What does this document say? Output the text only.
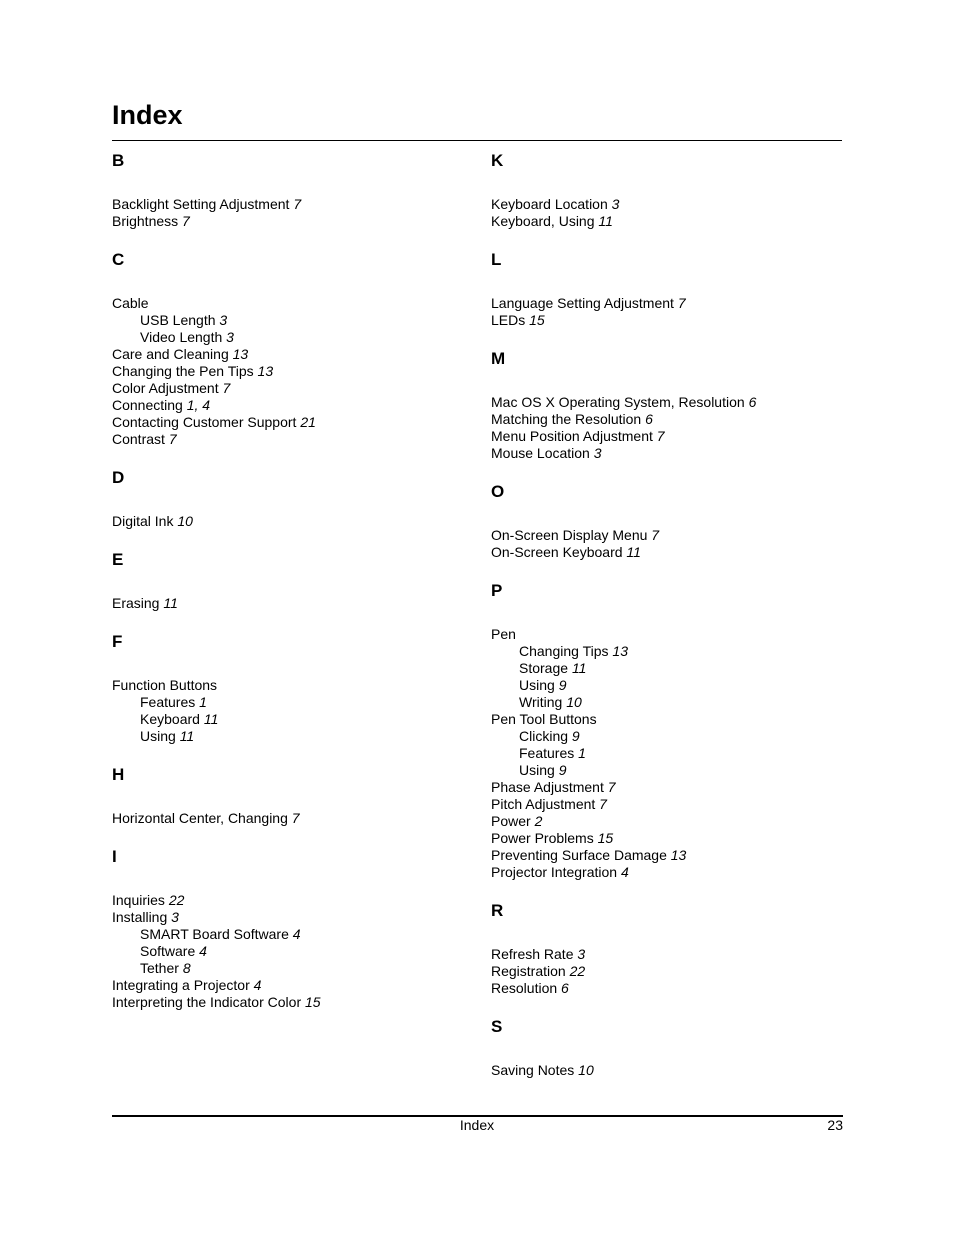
Index
B
Backlight Setting Adjustment 7
Brightness 7
C
Cable
USB Length 3
Video Length 3
Care and Cleaning 13
Changing the Pen Tips 13
Color Adjustment 7
Connecting 1, 4
Contacting Customer Support 21
Contrast 7
D
Digital Ink 10
E
Erasing 11
F
Function Buttons
Features 1
Keyboard 11
Using 11
H
Horizontal Center, Changing 7
I
Inquiries 22
Installing 3
SMART Board Software 4
Software 4
Tether 8
Integrating a Projector 4
Interpreting the Indicator Color 15
K
Keyboard Location 3
Keyboard, Using 11
L
Language Setting Adjustment 7
LEDs 15
M
Mac OS X Operating System, Resolution 6
Matching the Resolution 6
Menu Position Adjustment 7
Mouse Location 3
O
On-Screen Display Menu 7
On-Screen Keyboard 11
P
Pen
Changing Tips 13
Storage 11
Using 9
Writing 10
Pen Tool Buttons
Clicking 9
Features 1
Using 9
Phase Adjustment 7
Pitch Adjustment 7
Power 2
Power Problems 15
Preventing Surface Damage 13
Projector Integration 4
R
Refresh Rate 3
Registration 22
Resolution 6
S
Saving Notes 10
Index	23
